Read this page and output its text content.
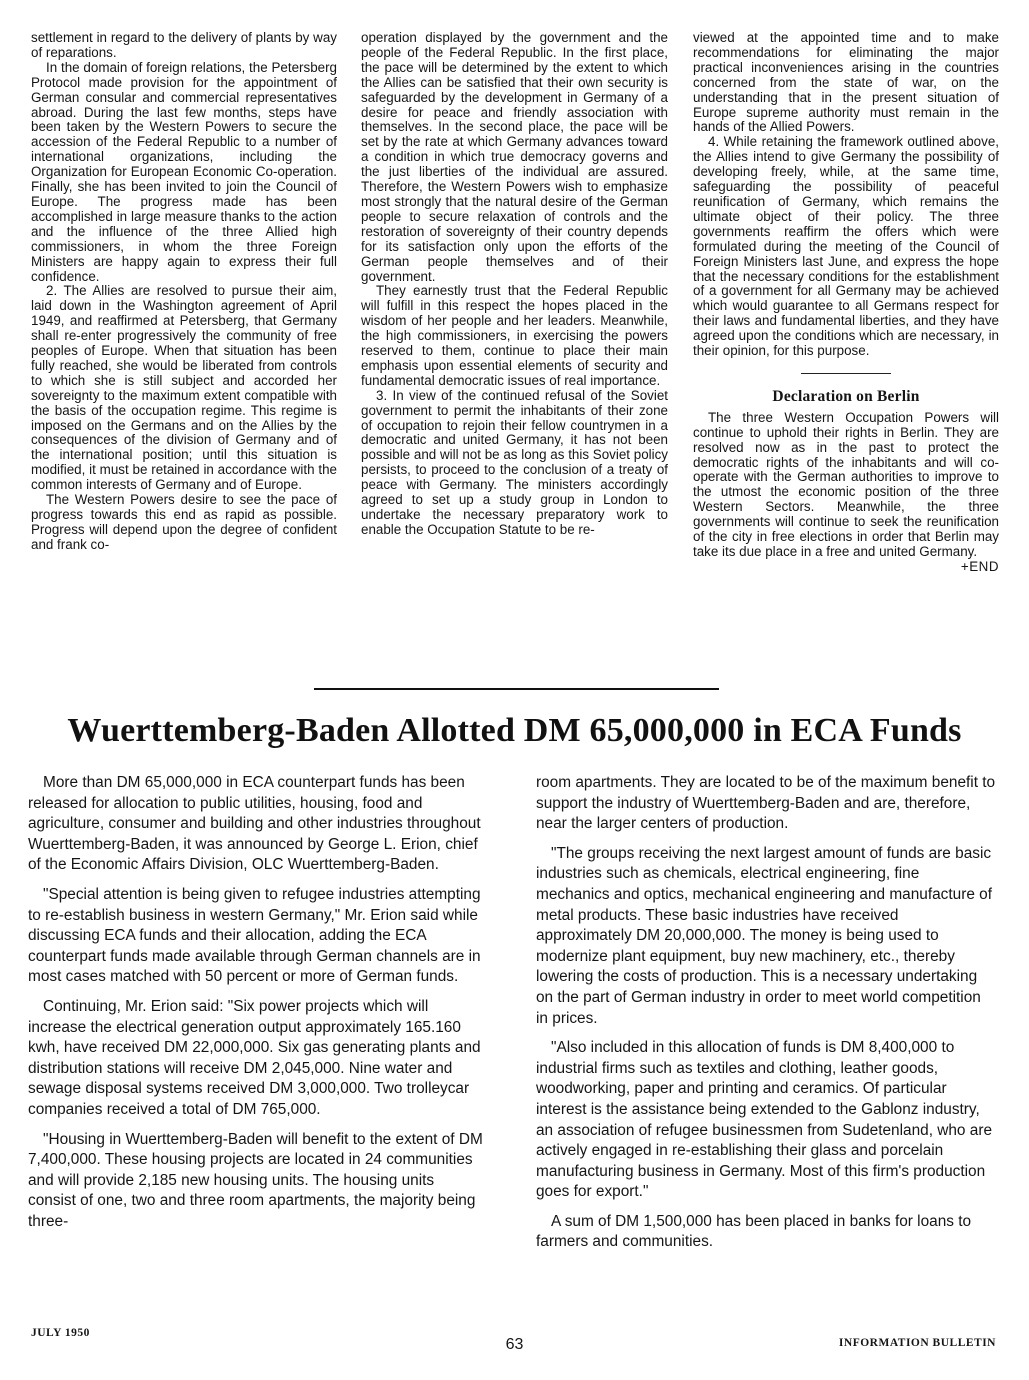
settlement in regard to the delivery of plants by way of reparations.

In the domain of foreign relations, the Petersberg Protocol made provision for the appointment of German consular and commercial representatives abroad. During the last few months, steps have been taken by the Western Powers to secure the accession of the Federal Republic to a number of international organizations, including the Organization for European Economic Co-operation. Finally, she has been invited to join the Council of Europe. The progress made has been accomplished in large measure thanks to the action and the influence of the three Allied high commissioners, in whom the three Foreign Ministers are happy again to express their full confidence.

2. The Allies are resolved to pursue their aim, laid down in the Washington agreement of April 1949, and reaffirmed at Petersberg, that Germany shall re-enter progressively the community of free peoples of Europe. When that situation has been fully reached, she would be liberated from controls to which she is still subject and accorded her sovereignty to the maximum extent compatible with the basis of the occupation regime. This regime is imposed on the Germans and on the Allies by the consequences of the division of Germany and of the international position; until this situation is modified, it must be retained in accordance with the common interests of Germany and of Europe.

The Western Powers desire to see the pace of progress towards this end as rapid as possible. Progress will depend upon the degree of confident and frank co-

operation displayed by the government and the people of the Federal Republic. In the first place, the pace will be determined by the extent to which the Allies can be satisfied that their own security is safeguarded by the development in Germany of a desire for peace and friendly association with themselves. In the second place, the pace will be set by the rate at which Germany advances toward a condition in which true democracy governs and the just liberties of the individual are assured. Therefore, the Western Powers wish to emphasize most strongly that the natural desire of the German people to secure relaxation of controls and the restoration of sovereignty of their country depends for its satisfaction only upon the efforts of the German people themselves and of their government.

They earnestly trust that the Federal Republic will fulfill in this respect the hopes placed in the wisdom of her people and her leaders. Meanwhile, the high commissioners, in exercising the powers reserved to them, continue to place their main emphasis upon essential elements of security and fundamental democratic issues of real importance.

3. In view of the continued refusal of the Soviet government to permit the inhabitants of their zone of occupation to rejoin their fellow countrymen in a democratic and united Germany, it has not been possible and will not be as long as this Soviet policy persists, to proceed to the conclusion of a treaty of peace with Germany. The ministers accordingly agreed to set up a study group in London to undertake the necessary preparatory work to enable the Occupation Statute to be re-

viewed at the appointed time and to make recommendations for eliminating the major practical inconveniences arising in the countries concerned from the state of war, on the understanding that in the present situation of Europe supreme authority must remain in the hands of the Allied Powers.

4. While retaining the framework outlined above, the Allies intend to give Germany the possibility of developing freely, while, at the same time, safeguarding the possibility of peaceful reunification of Germany, which remains the ultimate object of their policy. The three governments reaffirm the offers which were formulated during the meeting of the Council of Foreign Ministers last June, and express the hope that the necessary conditions for the establishment of a government for all Germany may be achieved which would guarantee to all Germans respect for their laws and fundamental liberties, and they have agreed upon the conditions which are necessary, in their opinion, for this purpose.

Declaration on Berlin

The three Western Occupation Powers will continue to uphold their rights in Berlin. They are resolved now as in the past to protect the democratic rights of the inhabitants and will co-operate with the German authorities to improve to the utmost the economic position of the three Western Sectors. Meanwhile, the three governments will continue to seek the reunification of the city in free elections in order that Berlin may take its due place in a free and united Germany.
+END

Wuerttemberg-Baden Allotted DM 65,000,000 in ECA Funds

More than DM 65,000,000 in ECA counterpart funds has been released for allocation to public utilities, housing, food and agriculture, consumer and building and other industries throughout Wuerttemberg-Baden, it was announced by George L. Erion, chief of the Economic Affairs Division, OLC Wuerttemberg-Baden.

"Special attention is being given to refugee industries attempting to re-establish business in western Germany," Mr. Erion said while discussing ECA funds and their allocation, adding the ECA counterpart funds made available through German channels are in most cases matched with 50 percent or more of German funds.

Continuing, Mr. Erion said: "Six power projects which will increase the electrical generation output approximately 165.160 kwh, have received DM 22,000,000. Six gas generating plants and distribution stations will receive DM 2,045,000. Nine water and sewage disposal systems received DM 3,000,000. Two trolleycar companies received a total of DM 765,000.

"Housing in Wuerttemberg-Baden will benefit to the extent of DM 7,400,000. These housing projects are located in 24 communities and will provide 2,185 new housing units. The housing units consist of one, two and three room apartments, the majority being three-

room apartments. They are located to be of the maximum benefit to support the industry of Wuerttemberg-Baden and are, therefore, near the larger centers of production.

"The groups receiving the next largest amount of funds are basic industries such as chemicals, electrical engineering, fine mechanics and optics, mechanical engineering and manufacture of metal products. These basic industries have received approximately DM 20,000,000. The money is being used to modernize plant equipment, buy new machinery, etc., thereby lowering the costs of production. This is a necessary undertaking on the part of German industry in order to meet world competition in prices.

"Also included in this allocation of funds is DM 8,400,000 to industrial firms such as textiles and clothing, leather goods, woodworking, paper and printing and ceramics. Of particular interest is the assistance being extended to the Gablonz industry, an association of refugee businessmen from Sudetenland, who are actively engaged in re-establishing their glass and porcelain manufacturing business in Germany. Most of this firm's production goes for export."

A sum of DM 1,500,000 has been placed in banks for loans to farmers and communities.

JULY 1950
63	INFORMATION BULLETIN
